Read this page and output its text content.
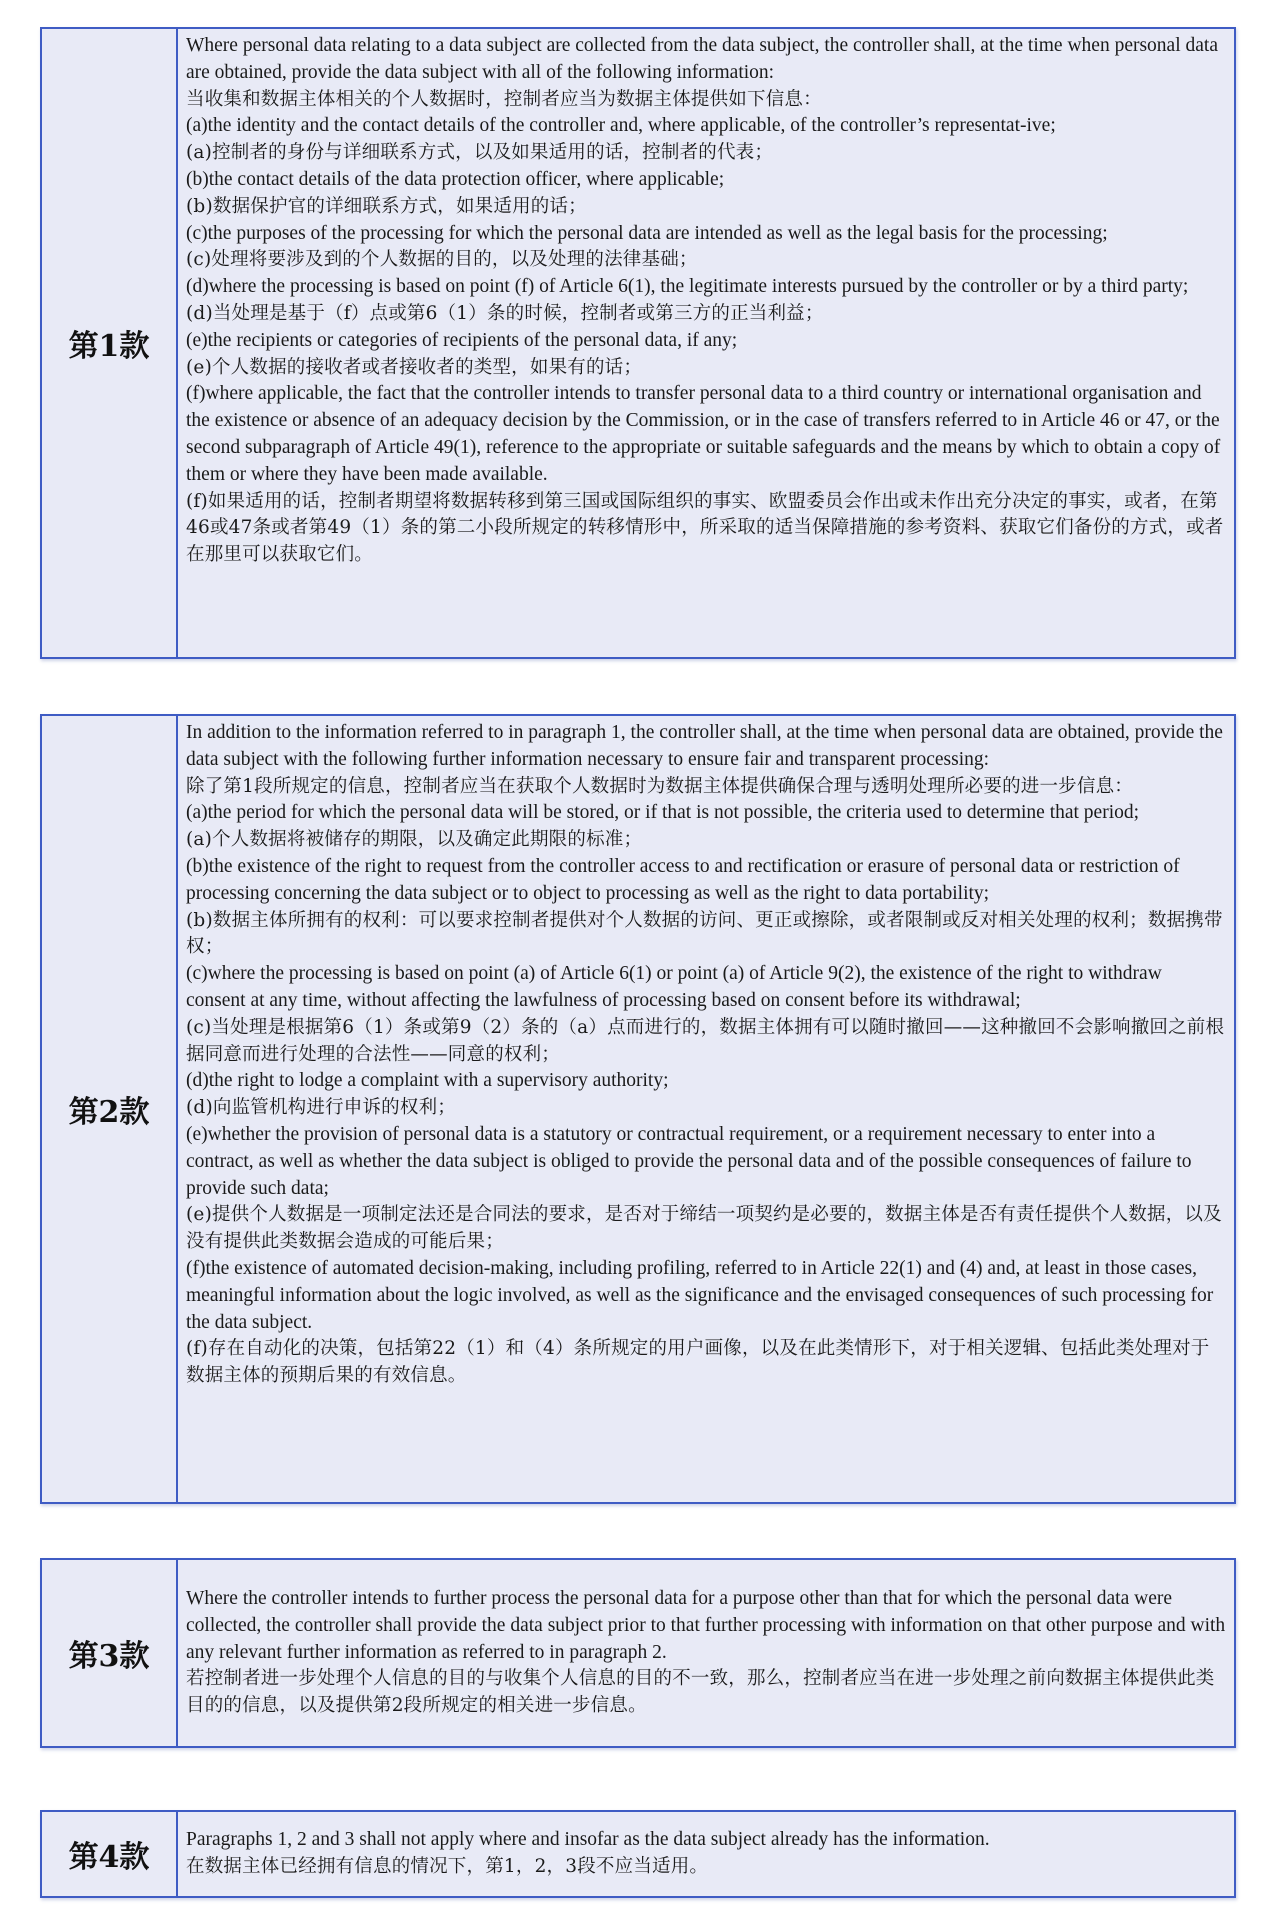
第1款

Where personal data relating to a data subject are collected from the data subject, the controller shall, at the time when personal data are obtained, provide the data subject with all of the following information:

当收集和数据主体相关的个人数据时，控制者应当为数据主体提供如下信息：

(a)the identity and the contact details of the controller and, where applicable, of the controller’s representat-ive;

(a)控制者的身份与详细联系方式，以及如果适用的话，控制者的代表；

(b)the contact details of the data protection officer, where applicable;

(b)数据保护官的详细联系方式，如果适用的话；

(c)the purposes of the processing for which the personal data are intended as well as the legal basis for the processing;

(c)处理将要涉及到的个人数据的目的，以及处理的法律基础；

(d)where the processing is based on point (f) of Article 6(1), the legitimate interests pursued by the controller or by a third party;

(d)当处理是基于（f）点或第6（1）条的时候，控制者或第三方的正当利益；

(e)the recipients or categories of recipients of the personal data, if any;

(e)个人数据的接收者或者接收者的类型，如果有的话；

(f)where applicable, the fact that the controller intends to transfer personal data to a third country or international organisation and the existence or absence of an adequacy decision by the Commission, or in the case of transfers referred to in Article 46 or 47, or the second subparagraph of Article 49(1), reference to the appropriate or suitable safeguards and the means by which to obtain a copy of them or where they have been made available.

(f)如果适用的话，控制者期望将数据转移到第三国或国际组织的事实、欧盟委员会作出或未作出充分决定的事实，或者，在第46或47条或者第49（1）条的第二小段所规定的转移情形中，所采取的适当保障措施的参考资料、获取它们备份的方式，或者在那里可以获取它们。

第2款

In addition to the information referred to in paragraph 1, the controller shall, at the time when personal data are obtained, provide the data subject with the following further information necessary to ensure fair and transparent processing:

除了第1段所规定的信息，控制者应当在获取个人数据时为数据主体提供确保合理与透明处理所必要的进一步信息：

(a)the period for which the personal data will be stored, or if that is not possible, the criteria used to determine that period;

(a)个人数据将被储存的期限，以及确定此期限的标准；

(b)the existence of the right to request from the controller access to and rectification or erasure of personal data or restriction of processing concerning the data subject or to object to processing as well as the right to data portability;

(b)数据主体所拥有的权利：可以要求控制者提供对个人数据的访问、更正或擦除，或者限制或反对相关处理的权利；数据携带权；

(c)where the processing is based on point (a) of Article 6(1) or point (a) of Article 9(2), the existence of the right to withdraw consent at any time, without affecting the lawfulness of processing based on consent before its withdrawal;

(c)当处理是根据第6（1）条或第9（2）条的（a）点而进行的，数据主体拥有可以随时撤回——这种撤回不会影响撤回之前根据同意而进行处理的合法性——同意的权利；

(d)the right to lodge a complaint with a supervisory authority;

(d)向监管机构进行申诉的权利；

(e)whether the provision of personal data is a statutory or contractual requirement, or a requirement necessary to enter into a contract, as well as whether the data subject is obliged to provide the personal data and of the possible consequences of failure to provide such data;

(e)提供个人数据是一项制定法还是合同法的要求，是否对于缔结一项契约是必要的，数据主体是否有责任提供个人数据，以及没有提供此类数据会造成的可能后果；

(f)the existence of automated decision-making, including profiling, referred to in Article 22(1) and (4) and, at least in those cases, meaningful information about the logic involved, as well as the significance and the envisaged consequences of such processing for the data subject.

(f)存在自动化的决策，包括第22（1）和（4）条所规定的用户画像，以及在此类情形下，对于相关逻辑、包括此类处理对于数据主体的预期后果的有效信息。

第3款

Where the controller intends to further process the personal data for a purpose other than that for which the personal data were collected, the controller shall provide the data subject prior to that further processing with information on that other purpose and with any relevant further information as referred to in paragraph 2.

若控制者进一步处理个人信息的目的与收集个人信息的目的不一致，那么，控制者应当在进一步处理之前向数据主体提供此类目的的信息，以及提供第2段所规定的相关进一步信息。

第4款

Paragraphs 1, 2 and 3 shall not apply where and insofar as the data subject already has the information.

在数据主体已经拥有信息的情况下，第1，2，3段不应当适用。
